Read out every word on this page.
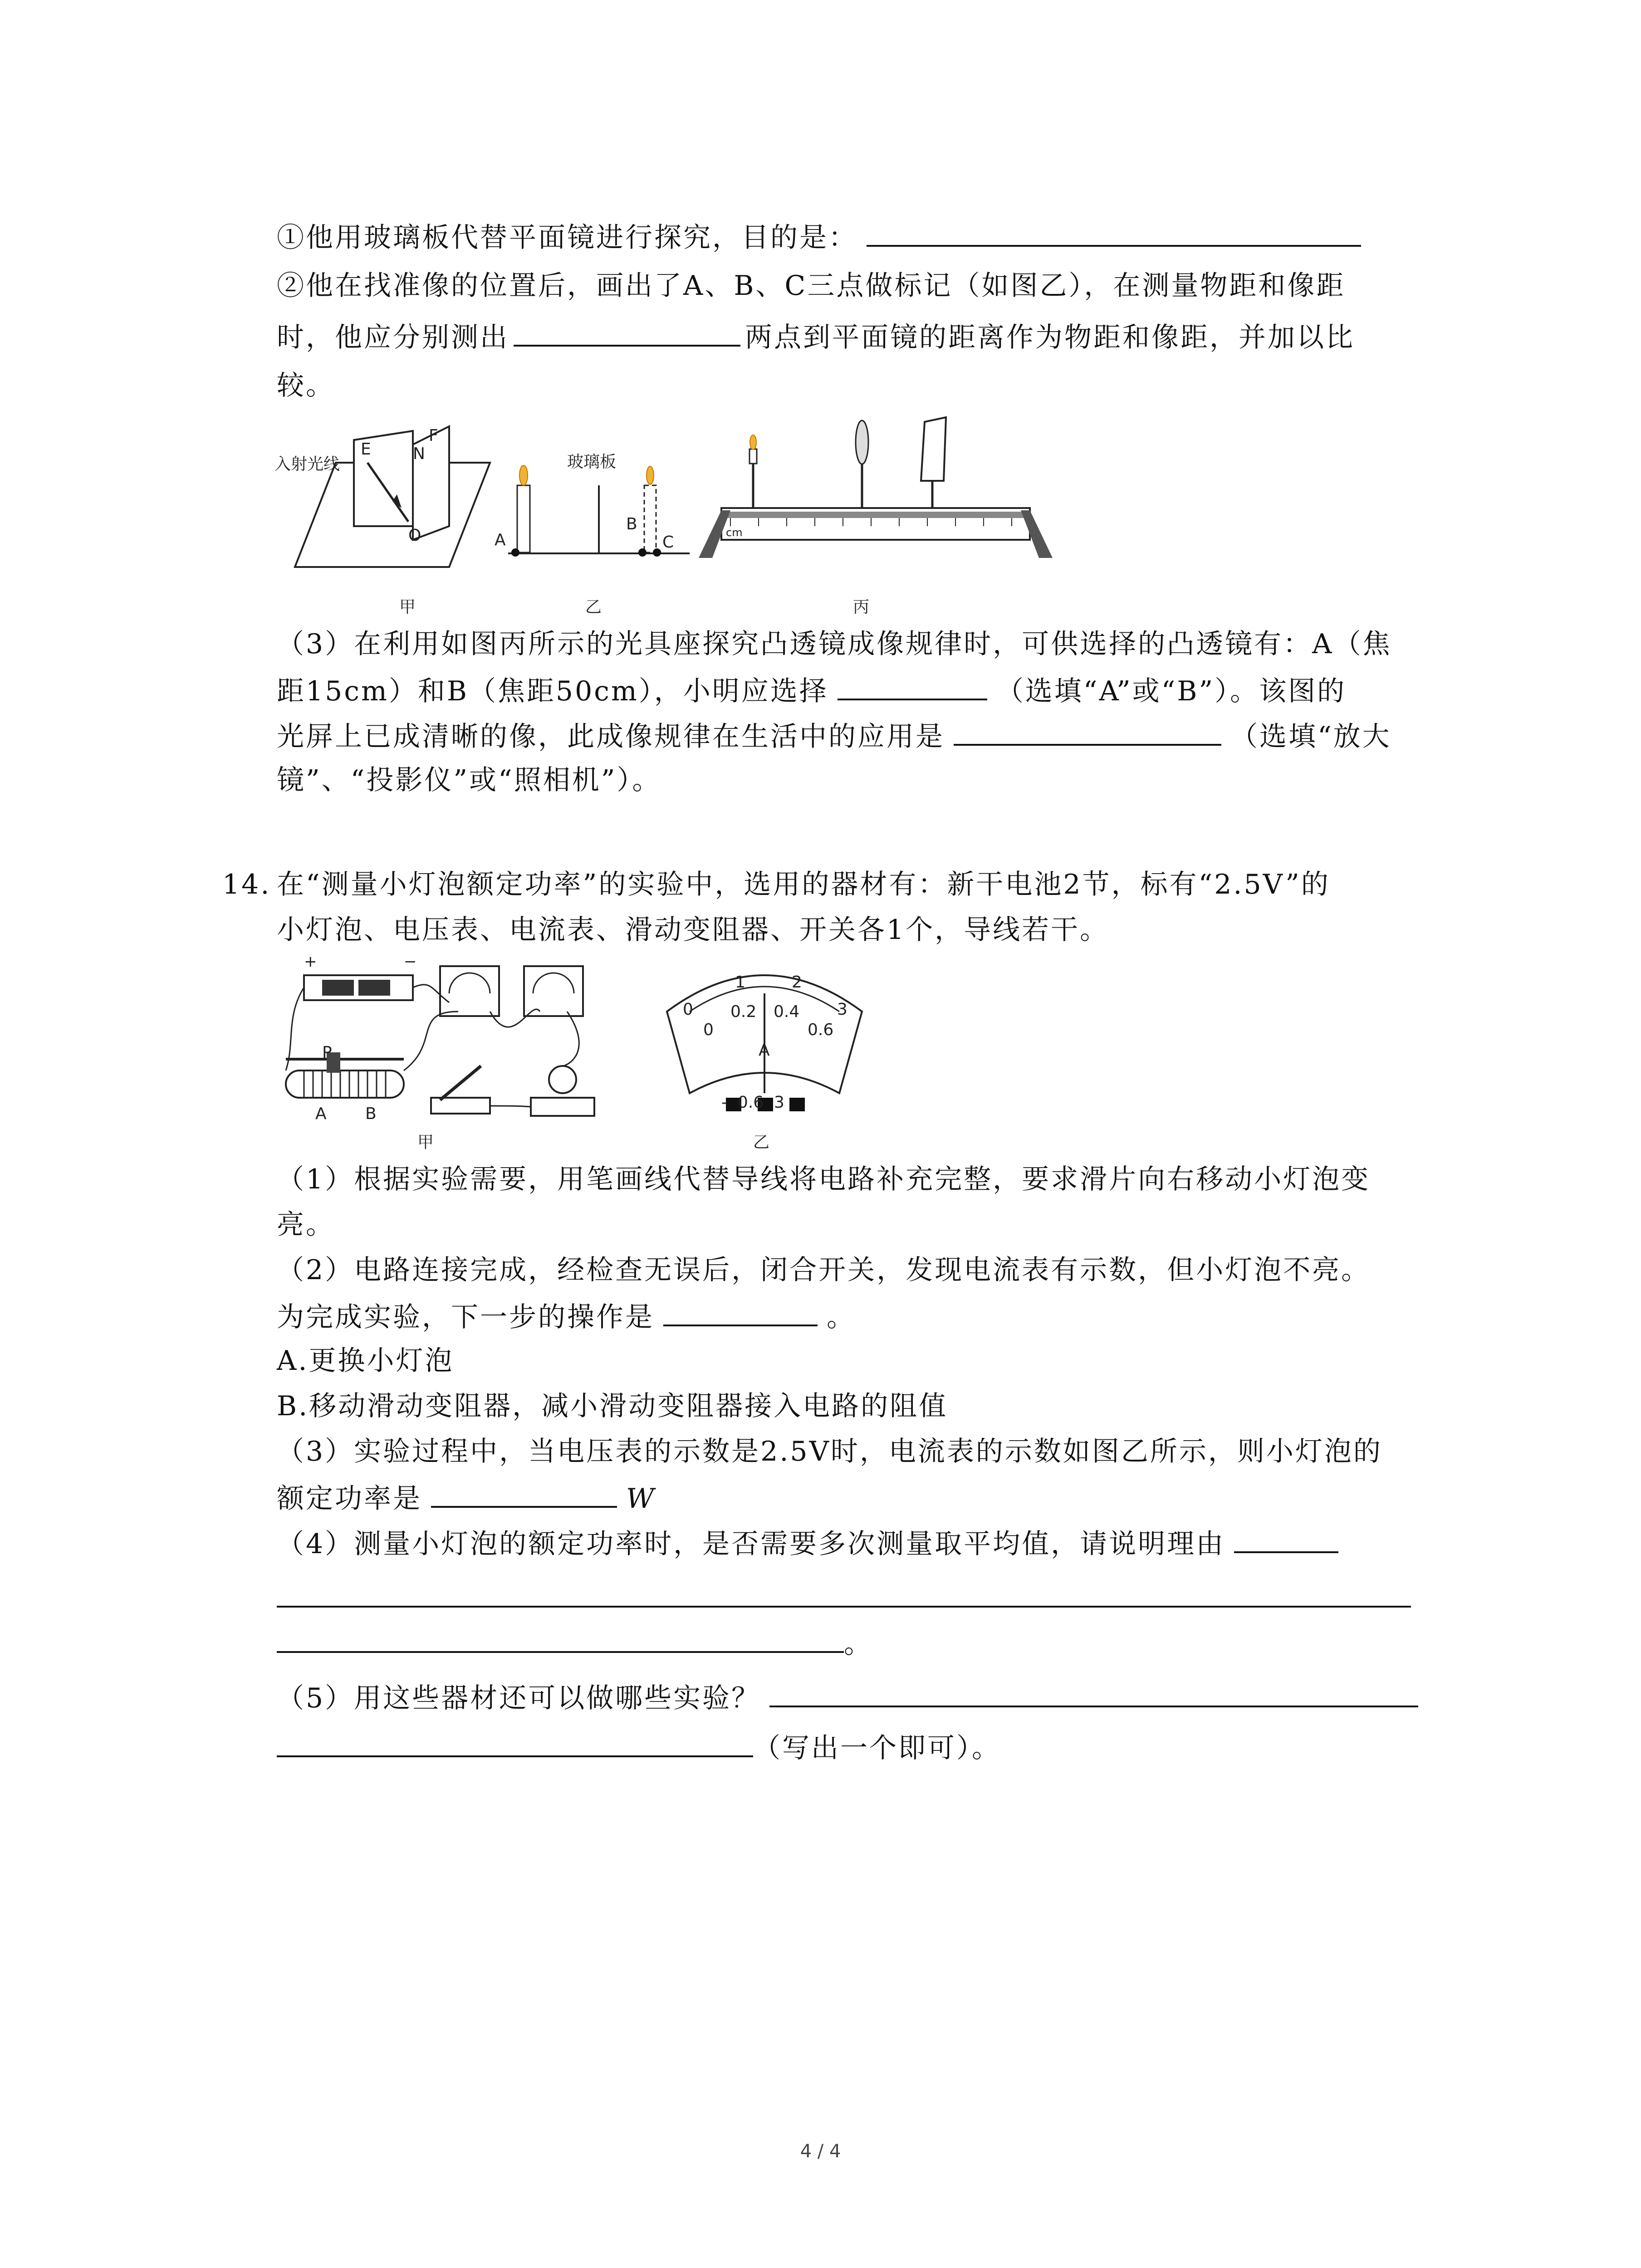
①他用玻璃板代替平面镜进行探究，目的是：
②他在找准像的位置后，画出了A、B、C三点做标记（如图乙），在测量物距和像距
时，他应分别测出	两点到平面镜的距离作为物距和像距，并加以比
较。
入射光线
E	N
F
O
玻璃板
A
B
C
cm
甲	乙	丙
（3）在利用如图丙所示的光具座探究凸透镜成像规律时，可供选择的凸透镜有：A（焦
距15cm）和B（焦距50cm），小明应选择	（选填“A”或“B”）。该图的
光屏上已成清晰的像，此成像规律在生活中的应用是	（选填“放大
镜”、“投影仪”或“照相机”）。
14. 在“测量小灯泡额定功率”的实验中，选用的器材有：新干电池2节，标有“2.5V”的
小灯泡、电压表、电流表、滑动变阻器、开关各1个，导线若干。
+	−
P
A B
0
1	2
3
0
0.2 0.4
0.6
A
-  0.6  3
甲	乙
（1）根据实验需要，用笔画线代替导线将电路补充完整，要求滑片向右移动小灯泡变
亮。
（2）电路连接完成，经检查无误后，闭合开关，发现电流表有示数，但小灯泡不亮。
为完成实验，下一步的操作是	。
A.更换小灯泡
B.移动滑动变阻器，减小滑动变阻器接入电路的阻值
（3）实验过程中，当电压表的示数是2.5V时，电流表的示数如图乙所示，则小灯泡的
额定功率是	W
（4）测量小灯泡的额定功率时，是否需要多次测量取平均值，请说明理由
。
（5）用这些器材还可以做哪些实验？
（写出一个即可）。
4 / 4
